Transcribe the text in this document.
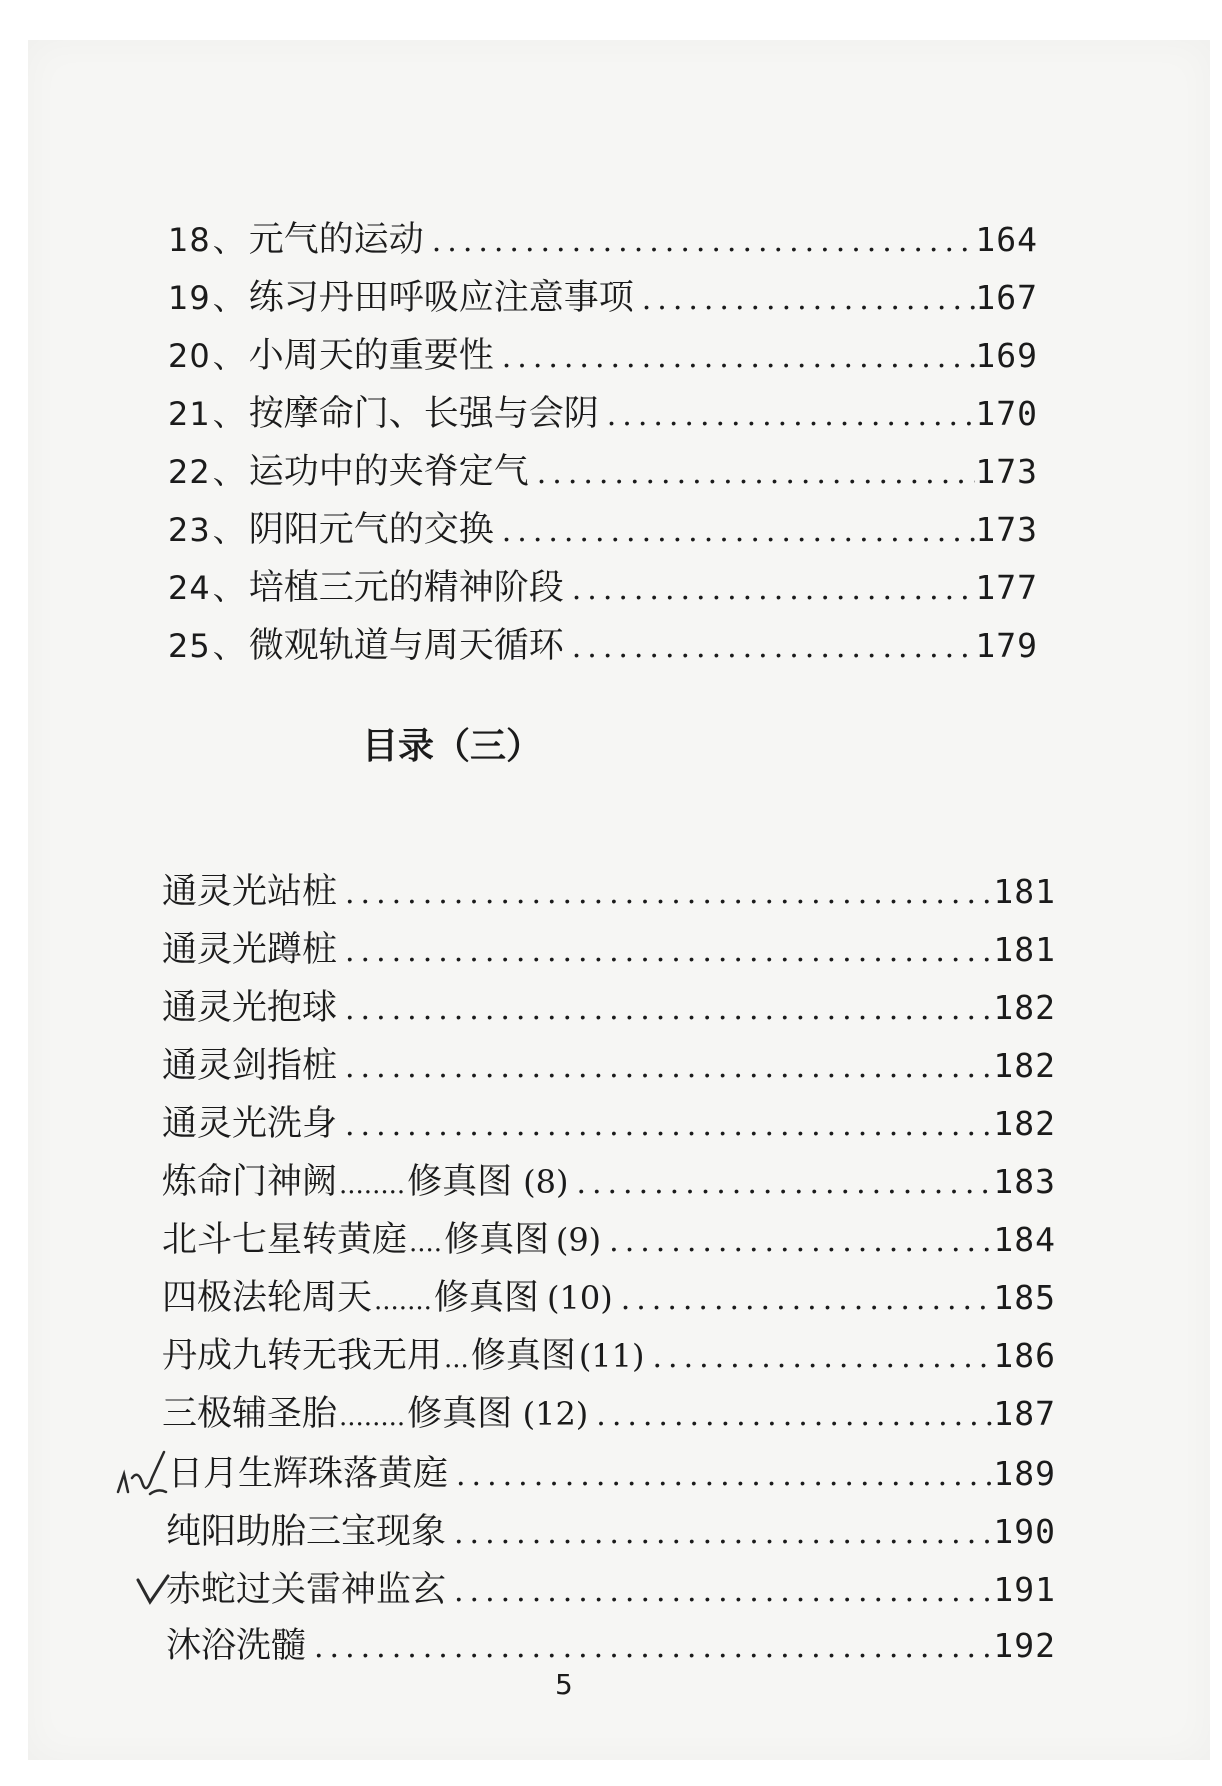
18 、 元气的运动 .....	164
19 、 练习丹田呼吸应注意事项 .....	167
20 、 小周天的重要性 .....	169
21 、 按摩命门、长强与会阴 .....	170
22 、 运功中的夹脊定气 .....	173
23 、 阴阳元气的交换 .....	173
24 、 培植三元的精神阶段 .....	177
25 、 微观轨道与周天循环 .....	179
目录（三）
通灵光站桩 .....	181
通灵光蹲桩 .....	181
通灵光抱球 .....	182
通灵剑指桩 .....	182
通灵光洗身 .....	182
炼命门神阙 ........ 修真图 (8) .....	183
北斗七星转黄庭 .... 修真图 (9) .....	184
四极法轮周天 ....... 修真图 (10) .....	185
丹成九转无我无用 ... 修真图 (11) .....	186
三极辅圣胎 ........ 修真图 (12) .....	187
日月生辉珠落黄庭 .....	189
纯阳助胎三宝现象 .....	190
赤蛇过关雷神监玄 .....	191
沐浴洗髓 .....	192
5
